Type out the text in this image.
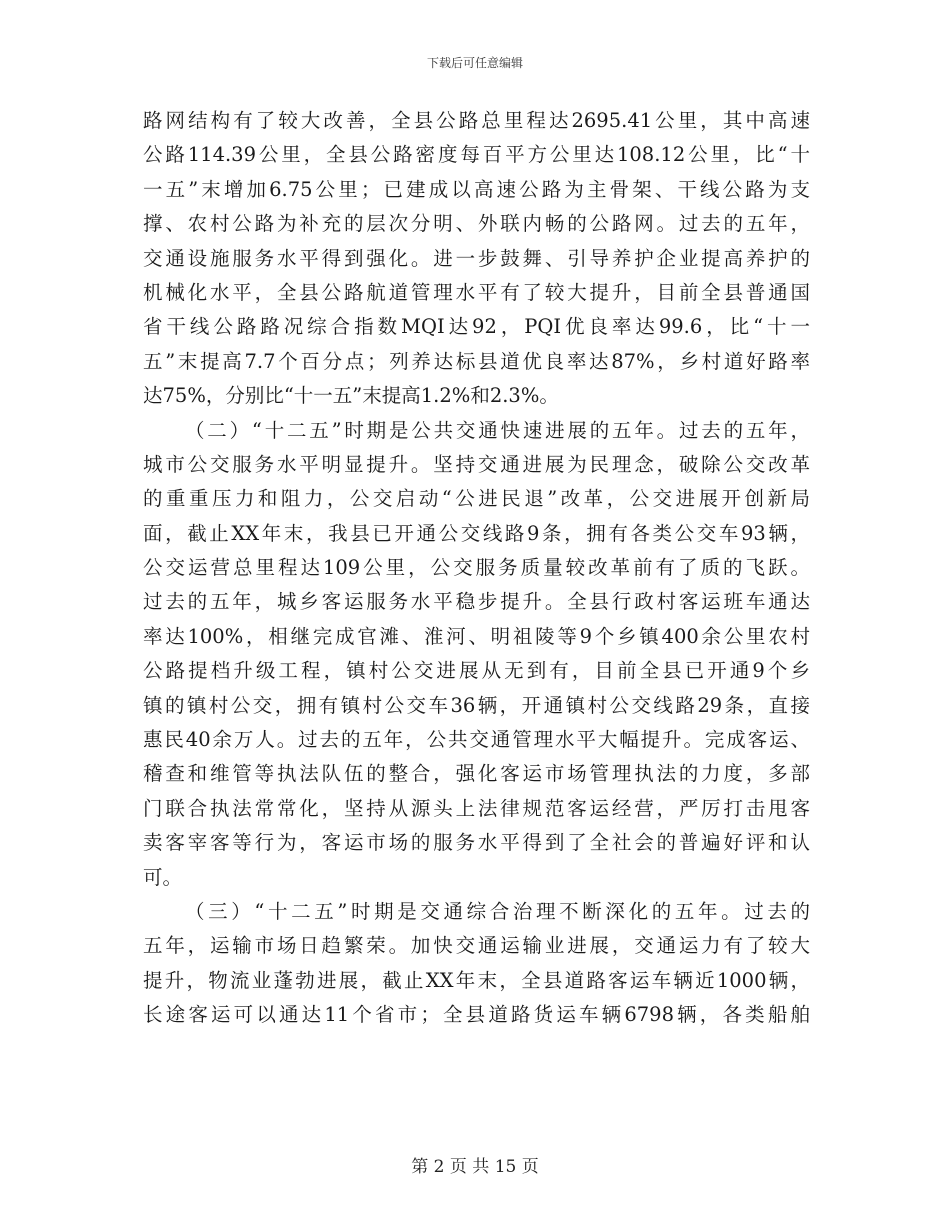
下载后可任意编辑
路网结构有了较大改善，全县公路总里程达2695.41公里，其中高速
公路114.39公里，全县公路密度每百平方公里达108.12公里，比“十
一五”末增加6.75公里；已建成以高速公路为主骨架、干线公路为支
撑、农村公路为补充的层次分明、外联内畅的公路网。过去的五年，
交通设施服务水平得到强化。进一步鼓舞、引导养护企业提高养护的
机械化水平，全县公路航道管理水平有了较大提升，目前全县普通国
省干线公路路况综合指数MQI达92，PQI优良率达99.6，比“十一
五”末提高7.7个百分点；列养达标县道优良率达87%，乡村道好路率
达75%，分别比“十一五”末提高1.2%和2.3%。
（二）“十二五”时期是公共交通快速进展的五年。过去的五年，
城市公交服务水平明显提升。坚持交通进展为民理念，破除公交改革
的重重压力和阻力，公交启动“公进民退”改革，公交进展开创新局
面，截止XX年末，我县已开通公交线路9条，拥有各类公交车93辆，
公交运营总里程达109公里，公交服务质量较改革前有了质的飞跃。
过去的五年，城乡客运服务水平稳步提升。全县行政村客运班车通达
率达100%，相继完成官滩、淮河、明祖陵等9个乡镇400余公里农村
公路提档升级工程，镇村公交进展从无到有，目前全县已开通9个乡
镇的镇村公交，拥有镇村公交车36辆，开通镇村公交线路29条，直接
惠民40余万人。过去的五年，公共交通管理水平大幅提升。完成客运、
稽查和维管等执法队伍的整合，强化客运市场管理执法的力度，多部
门联合执法常常化，坚持从源头上法律规范客运经营，严厉打击甩客
卖客宰客等行为，客运市场的服务水平得到了全社会的普遍好评和认
可。
（三）“十二五”时期是交通综合治理不断深化的五年。过去的
五年，运输市场日趋繁荣。加快交通运输业进展，交通运力有了较大
提升，物流业蓬勃进展，截止XX年末，全县道路客运车辆近1000辆，
长途客运可以通达11个省市；全县道路货运车辆6798辆，各类船舶
第 2 页 共 15 页
